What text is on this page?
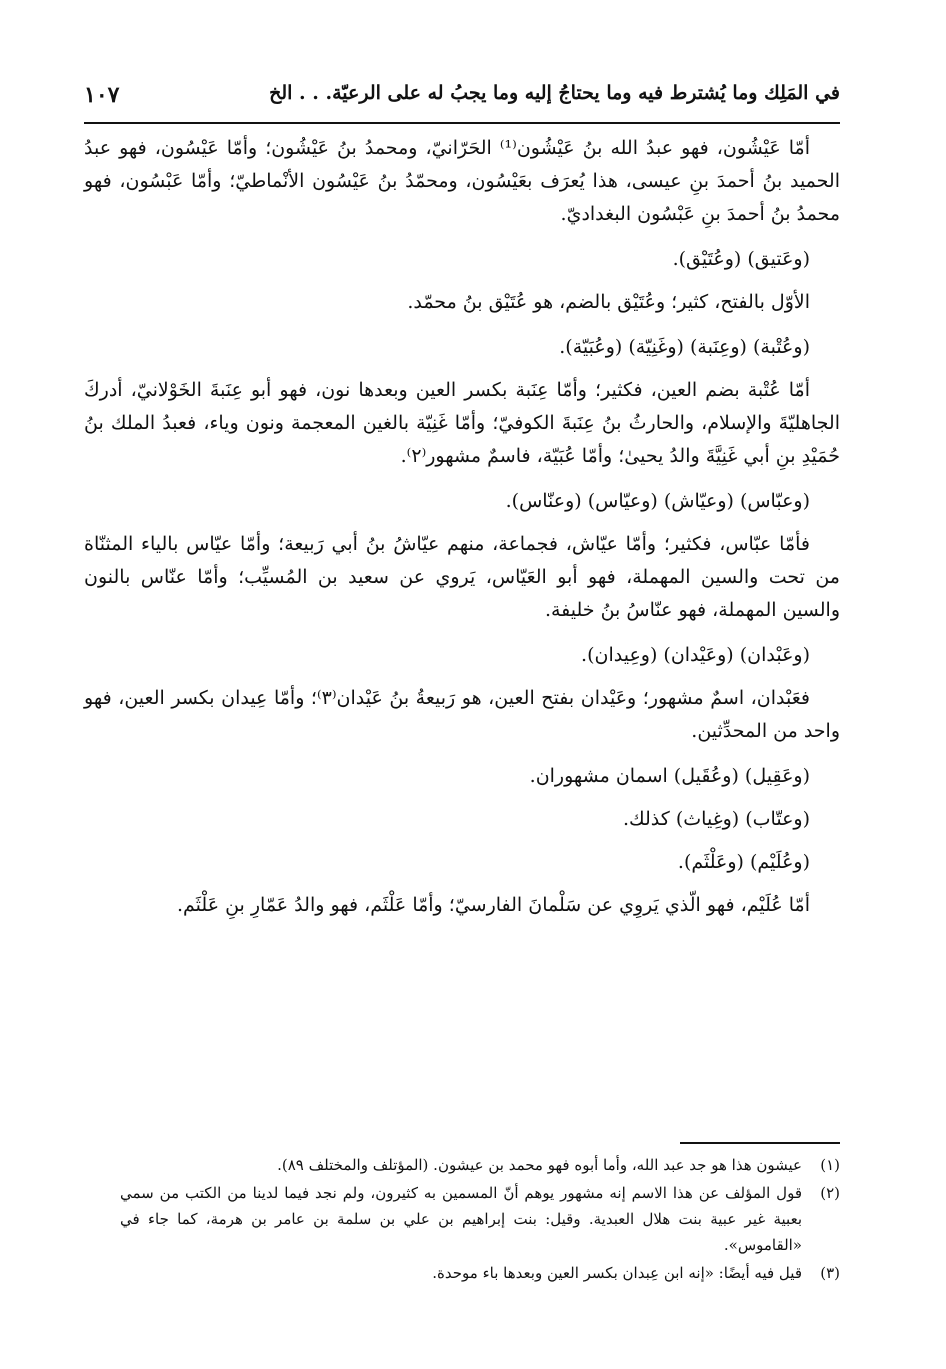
في المَلِك وما يُشترط فيه وما يحتاجُ إليه وما يجبُ له على الرعيّة. . . الخ
١٠٧

أمّا عَيْشُون، فهو عبدُ الله بنُ عَيْشُون⁽¹⁾ الحَرّانيّ، ومحمدُ بنُ عَيْشُون؛ وأمّا عَيْسُون، فهو عبدُ الحميد بنُ أحمدَ بنِ عيسى، هذا يُعرَف بعَيْسُون، ومحمّدُ بنُ عَيْسُون الأنْماطيّ؛ وأمّا عَبْسُون، فهو محمدُ بنُ أحمدَ بنِ عَبْسُون البغداديّ.

(وعَتيق) (وعُتَيْق).

الأوّل بالفتح، كثير؛ وعُتَيْق بالضم، هو عُتَيْق بنُ محمّد.

(وعُتْبة) (وعِنَبة) (وغَنِيّة) (وعُبَيّة).

أمّا عُتْبة بضم العين، فكثير؛ وأمّا عِنَبة بكسر العين وبعدها نون، فهو أبو عِنَبةَ الخَوْلانيّ، أدركَ الجاهليّةَ والإسلام، والحارثُ بنُ عِنَبةَ الكوفيّ؛ وأمّا غَنِيّة بالغين المعجمة ونون وياء، فعبدُ الملك بنُ حُمَيْدِ بنِ أبي غَنِيَّةَ والدُ يحيىٰ؛ وأمّا عُبَيّة، فاسمٌ مشهور⁽٢⁾.

(وعبّاس) (وعيّاش) (وعيّاس) (وعنّاس).

فأمّا عبّاس، فكثير؛ وأمّا عيّاش، فجماعة، منهم عيّاشُ بنُ أبي رَبيعة؛ وأمّا عيّاس بالياء المثنّاة من تحت والسين المهملة، فهو أبو العَيّاس، يَروي عن سعيد بن المُسيِّب؛ وأمّا عنّاس بالنون والسين المهملة، فهو عنّاسُ بنُ خليفة.

(وعَبْدان) (وعَيْدان) (وعِيدان).

فعَبْدان، اسمٌ مشهور؛ وعَيْدان بفتح العين، هو رَبيعةُ بنُ عَيْدان⁽٣⁾؛ وأمّا عِيدان بكسر العين، فهو واحد من المحدِّثين.

(وعَقِيل) (وعُقَيل) اسمان مشهوران.

(وعتّاب) (وغِياث) كذلك.

(وعُلَيْم) (وعَلْثَم).

أمّا عُلَيْم، فهو الّذي يَروِي عن سَلْمانَ الفارسيّ؛ وأمّا عَلْثَم، فهو والدُ عَمّارِ بنِ عَلْثَم.

(١)
عيشون هذا هو جد عبد الله، وأما أبوه فهو محمد بن عيشون. (المؤتلف والمختلف ٨٩).
(٢)
قول المؤلف عن هذا الاسم إنه مشهور يوهم أنّ المسمين به كثيرون، ولم نجد فيما لدينا من الكتب من سمي بعبية غير عبية بنت هلال العبدية. وقيل: بنت إبراهيم بن علي بن سلمة بن عامر بن هرمة، كما جاء في «القاموس».
(٣)
قيل فيه أيضًا: «إنه ابن عِبدان بكسر العين وبعدها باء موحدة.
